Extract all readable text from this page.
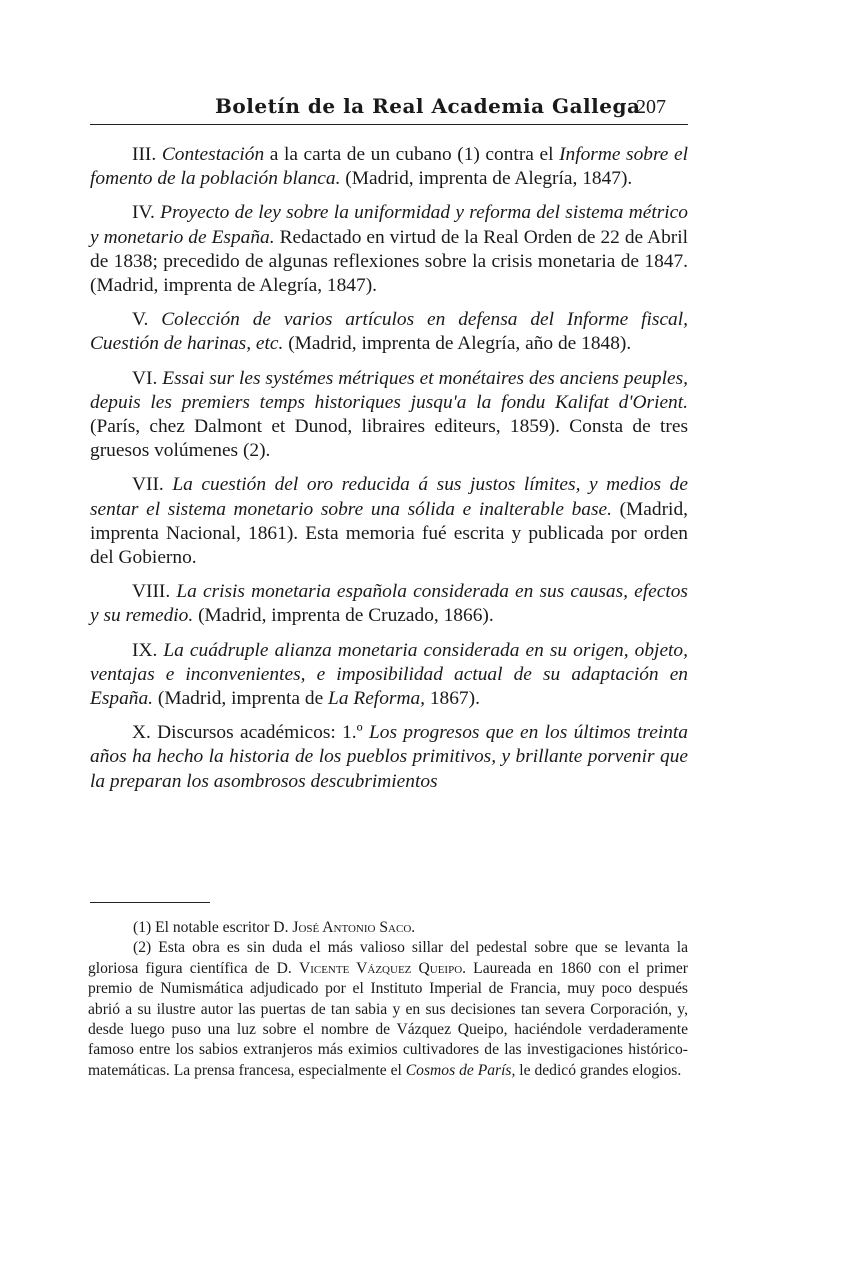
Boletín de la Real Academia Gallega
207

III. Contestación a la carta de un cubano (1) contra el Informe sobre el fomento de la población blanca. (Madrid, imprenta de Alegría, 1847).

IV. Proyecto de ley sobre la uniformidad y reforma del sistema métrico y monetario de España. Redactado en virtud de la Real Orden de 22 de Abril de 1838; precedido de algunas reflexiones sobre la crisis monetaria de 1847. (Madrid, imprenta de Alegría, 1847).

V. Colección de varios artículos en defensa del Informe fiscal, Cuestión de harinas, etc. (Madrid, imprenta de Alegría, año de 1848).

VI. Essai sur les systémes métriques et monétaires des anciens peuples, depuis les premiers temps historiques jusqu'a la fondu Kalifat d'Orient. (París, chez Dalmont et Dunod, libraires editeurs, 1859). Consta de tres gruesos volúmenes (2).

VII. La cuestión del oro reducida á sus justos límites, y medios de sentar el sistema monetario sobre una sólida e inalterable base. (Madrid, imprenta Nacional, 1861). Esta memoria fué escrita y publicada por orden del Gobierno.

VIII. La crisis monetaria española considerada en sus causas, efectos y su remedio. (Madrid, imprenta de Cruzado, 1866).

IX. La cuádruple alianza monetaria considerada en su origen, objeto, ventajas e inconvenientes, e imposibilidad actual de su adaptación en España. (Madrid, imprenta de La Reforma, 1867).

X. Discursos académicos: 1.º Los progresos que en los últimos treinta años ha hecho la historia de los pueblos primitivos, y brillante porvenir que la preparan los asombrosos descubrimientos

(1) El notable escritor D. José Antonio Saco.

(2) Esta obra es sin duda el más valioso sillar del pedestal sobre que se levanta la gloriosa figura científica de D. Vicente Vázquez Queipo. Laureada en 1860 con el primer premio de Numismática adjudicado por el Instituto Imperial de Francia, muy poco después abrió a su ilustre autor las puertas de tan sabia y en sus decisiones tan severa Corporación, y, desde luego puso una luz sobre el nombre de Vázquez Queipo, haciéndole verdaderamente famoso entre los sabios extranjeros más eximios cultivadores de las investigaciones histórico-matemáticas. La prensa francesa, especialmente el Cosmos de París, le dedicó grandes elogios.
